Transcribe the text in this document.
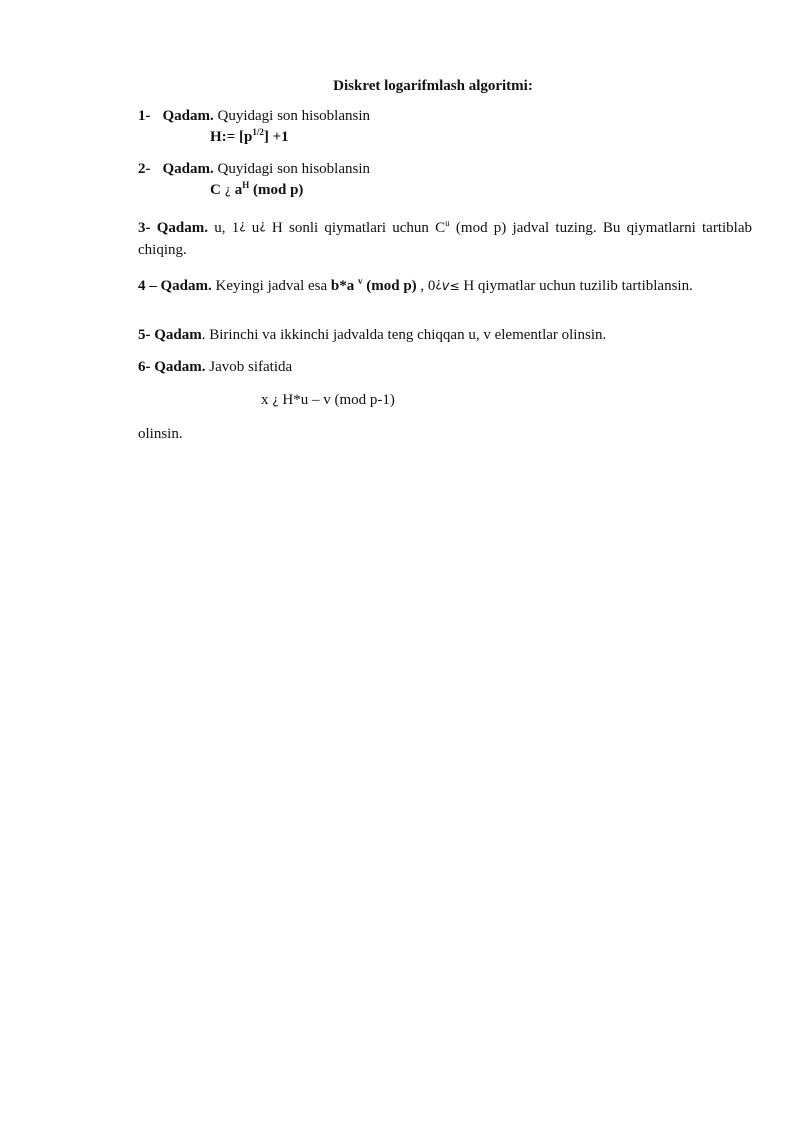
Diskret logarifmlash algoritmi:
1- Qadam. Quyidagi son hisoblansin
H:= $[p^{1/2}] +1$
2- Qadam. Quyidagi son hisoblansin
C ¿ $a^H$ (mod p)
3- Qadam. u, 1¿ u¿ H sonli qiymatlari uchun $C^u$ (mod p) jadval tuzing. Bu qiymatlarni tartiblab chiqing.
4 – Qadam. Keyingi jadval esa b*a $^v$ (mod p) , 0¿v≤ H qiymatlar uchun tuzilib tartiblansin.
5- Qadam. Birinchi va ikkinchi jadvalda teng chiqqan u, v elementlar olinsin.
6- Qadam. Javob sifatida
x ¿ H*u – v (mod p-1)
olinsin.
